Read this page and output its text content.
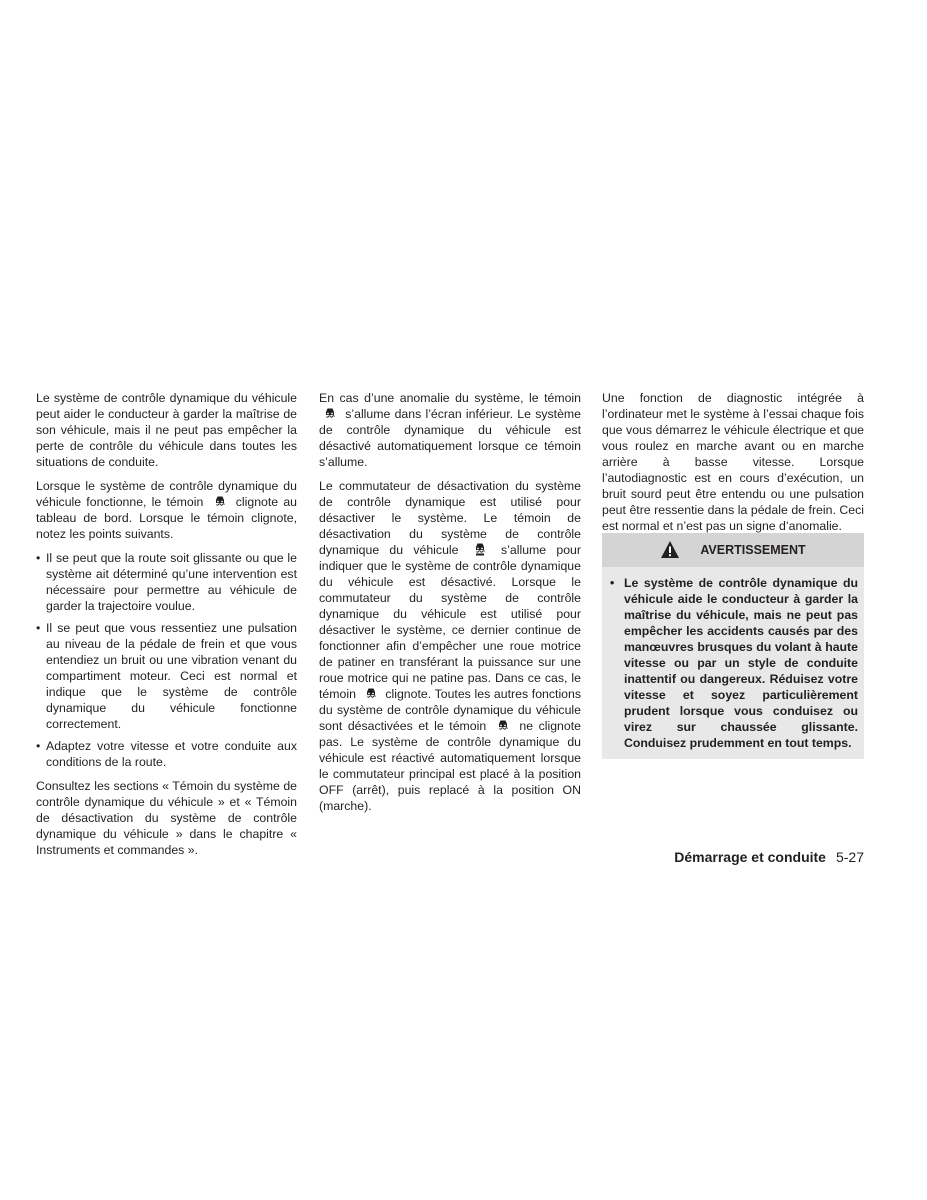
Le système de contrôle dynamique du véhicule peut aider le conducteur à garder la maîtrise de son véhicule, mais il ne peut pas empêcher la perte de contrôle du véhicule dans toutes les situations de conduite.

Lorsque le système de contrôle dynamique du véhicule fonctionne, le témoin	clignote au tableau de bord. Lorsque le témoin clignote, notez les points suivants.

• Il se peut que la route soit glissante ou que le système ait déterminé qu’une intervention est nécessaire pour permettre au véhicule de garder la trajectoire voulue.
• Il se peut que vous ressentiez une pulsation au niveau de la pédale de frein et que vous entendiez un bruit ou une vibration venant du compartiment moteur. Ceci est normal et indique que le système de contrôle dynamique du véhicule fonctionne correctement.
• Adaptez votre vitesse et votre conduite aux conditions de la route.

Consultez les sections « Témoin du système de contrôle dynamique du véhicule » et « Témoin de désactivation du système de contrôle dynamique du véhicule » dans le chapitre « Instruments et commandes ».

En cas d’une anomalie du système, le témoin
s’allume dans l’écran inférieur. Le système de contrôle dynamique du véhicule est désactivé automatiquement lorsque ce témoin s’allume.

Le commutateur de désactivation du système de contrôle dynamique est utilisé pour désactiver le système. Le témoin de désactivation du système de contrôle dynamique du véhicule	s’allume pour indiquer que le système de contrôle dynamique du véhicule est désactivé. Lorsque le commutateur du système de contrôle dynamique du véhicule est utilisé pour désactiver le système, ce dernier continue de fonctionner afin d’empêcher une roue motrice de patiner en transférant la puissance sur une roue motrice qui ne patine pas. Dans ce cas, le témoin clignote. Toutes les autres fonctions du système de contrôle dynamique du véhicule sont désactivées et le témoin	ne clignote pas. Le système de contrôle dynamique du véhicule est réactivé automatiquement lorsque le commutateur principal est placé à la position OFF (arrêt), puis replacé à la position ON (marche).

Une fonction de diagnostic intégrée à l’ordinateur met le système à l’essai chaque fois que vous démarrez le véhicule électrique et que vous roulez en marche avant ou en marche arrière à basse vitesse. Lorsque l’autodiagnostic est en cours d’exécution, un bruit sourd peut être entendu ou une pulsation peut être ressentie dans la pédale de frein. Ceci est normal et n’est pas un signe d’anomalie.

AVERTISSEMENT
• Le système de contrôle dynamique du véhicule aide le conducteur à garder la maîtrise du véhicule, mais ne peut pas empêcher les accidents causés par des manœuvres brusques du volant à haute vitesse ou par un style de conduite inattentif ou dangereux. Réduisez votre vitesse et soyez particulièrement prudent lorsque vous conduisez ou virez sur chaussée glissante. Conduisez prudemment en tout temps.
Démarrage et conduite 5-27
